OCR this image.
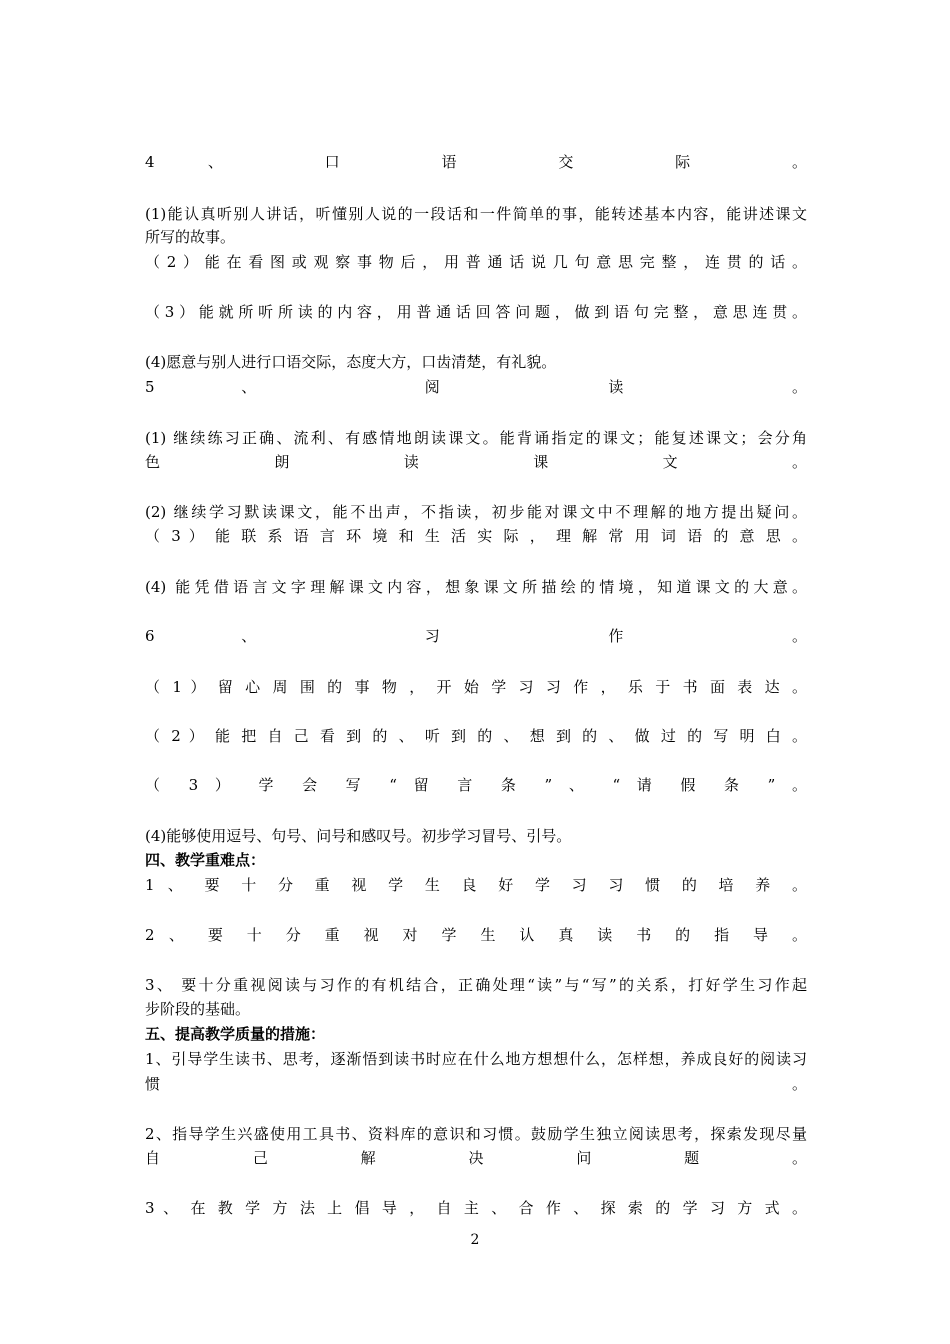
4 、 口 语 交 际 。
(1)能认真听别人讲话，听懂别人说的一段话和一件简单的事，能转述基本内容，能讲述课文
所写的故事。
（2）能在看图或观察事物后，用普通话说几句意思完整，连贯的话。
（3）能就所听所读的内容，用普通话回答问题，做到语句完整，意思连贯。
(4)愿意与别人进行口语交际，态度大方，口齿清楚，有礼貌。
5 、 阅 读 。
(1) 继续练习正确、流利、有感情地朗读课文。能背诵指定的课文；能复述课文；会分角
色 朗 读 课 文 。
(2) 继续学习默读课文，能不出声，不指读，初步能对课文中不理解的地方提出疑问。
（ 3 ） 能 联 系 语 言 环 境 和 生 活 实 际 ， 理 解 常 用 词 语 的 意 思 。
(4) 能凭借语言文字理解课文内容，想象课文所描绘的情境，知道课文的大意。
6 、 习 作 。
（ 1 ） 留 心 周 围 的 事 物 ， 开 始 学 习 习 作 ， 乐 于 书 面 表 达 。
（ 2 ） 能 把 自 己 看 到 的 、 听 到 的 、 想 到 的 、 做 过 的 写 明 白 。
（ 3 ） 学 会 写 “ 留 言 条 ” 、 “ 请 假 条 ” 。
(4)能够使用逗号、句号、问号和感叹号。初步学习冒号、引号。
四、教学重难点：
1 、 要 十 分 重 视 学 生 良 好 学 习 习 惯 的 培 养 。
2 、 要 十 分 重 视 对 学 生 认 真 读 书 的 指 导 。
3、 要十分重视阅读与习作的有机结合，正确处理“读”与“写”的关系，打好学生习作起
步阶段的基础。
五、提高教学质量的措施：
1、引导学生读书、思考，逐渐悟到读书时应在什么地方想想什么，怎样想，养成良好的阅读习
惯 。
2、指导学生兴盛使用工具书、资料库的意识和习惯。鼓励学生独立阅读思考，探索发现尽量
自 己 解 决 问 题 。
3 、 在 教 学 方 法 上 倡 导 ， 自 主 、 合 作 、 探 索 的 学 习 方 式 。
2
